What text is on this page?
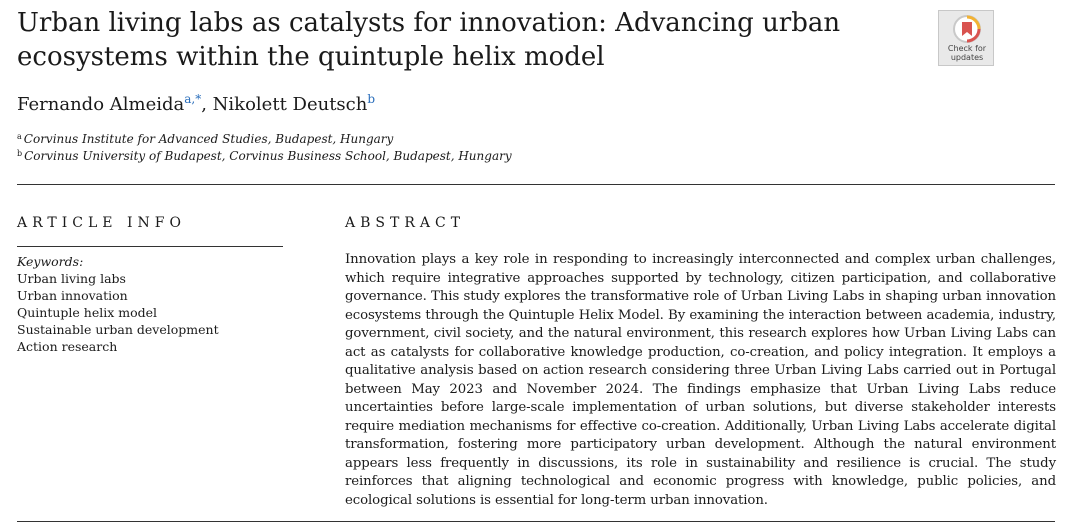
Urban living labs as catalysts for innovation: Advancing urban ecosystems within the quintuple helix model	Check for
updates

Fernando Almeida$^{a,*}$, Nikolett Deutsch$^b$

$^a$ Corvinus Institute for Advanced Studies, Budapest, Hungary
$^b$ Corvinus University of Budapest, Corvinus Business School, Budapest, Hungary
ARTICLE INFO
Keywords:
Urban living labs
Urban innovation
Quintuple helix model
Sustainable urban development
Action research
ABSTRACT

Innovation plays a key role in responding to increasingly interconnected and complex urban challenges, which require integrative approaches supported by technology, citizen participation, and collaborative governance. This study explores the transformative role of Urban Living Labs in shaping urban innovation ecosystems through the Quintuple Helix Model. By examining the interaction between academia, industry, government, civil society, and the natural environment, this research explores how Urban Living Labs can act as catalysts for collaborative knowledge production, co-creation, and policy integration. It employs a qualitative analysis based on action research considering three Urban Living Labs carried out in Portugal between May 2023 and November 2024. The findings emphasize that Urban Living Labs reduce uncertainties before large-scale implementation of urban solutions, but diverse stakeholder interests require mediation mechanisms for effective co-creation. Additionally, Urban Living Labs accelerate digital transformation, fostering more participatory urban development. Although the natural environment appears less frequently in discussions, its role in sustainability and resilience is crucial. The study reinforces that aligning technological and economic progress with knowledge, public policies, and ecological solutions is essential for long-term urban innovation.
